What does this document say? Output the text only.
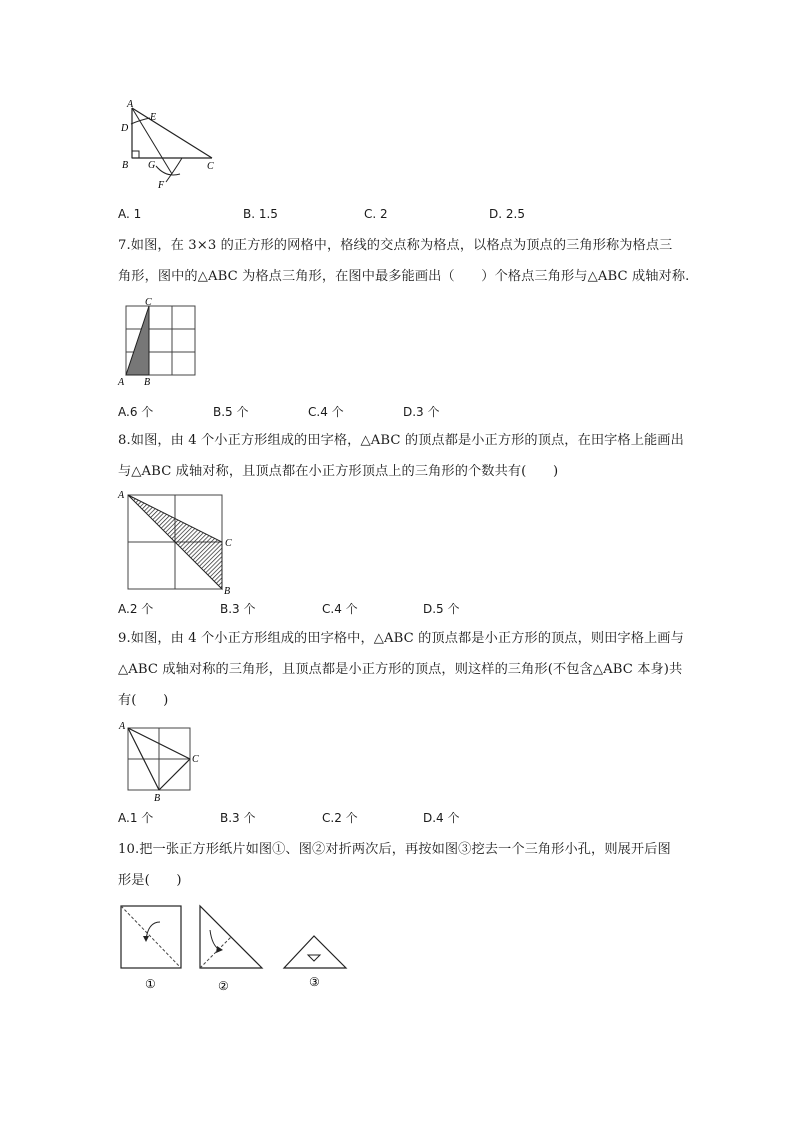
A
D
E
B G	C
F
A. 1	B. 1.5	C. 2	D. 2.5
7.如图，在 3×3 的正方形的网格中，格线的交点称为格点，以格点为顶点的三角形称为格点三
角形，图中的△ABC 为格点三角形，在图中最多能画出（　　）个格点三角形与△ABC 成轴对称.
C
A B
A.6 个	B.5 个	C.4 个	D.3 个
8.如图，由 4 个小正方形组成的田字格，△ABC 的顶点都是小正方形的顶点，在田字格上能画出
与△ABC 成轴对称，且顶点都在小正方形顶点上的三角形的个数共有(　　)
A
C
B
A.2 个	B.3 个	C.4 个	D.5 个
9.如图，由 4 个小正方形组成的田字格中，△ABC 的顶点都是小正方形的顶点，则田字格上画与
△ABC 成轴对称的三角形，且顶点都是小正方形的顶点，则这样的三角形(不包含△ABC 本身)共
有(　　)
A
C
B
A.1 个	B.3 个	C.2 个	D.4 个
10.把一张正方形纸片如图①、图②对折两次后，再按如图③挖去一个三角形小孔，则展开后图
形是(　　)
①	②	③
